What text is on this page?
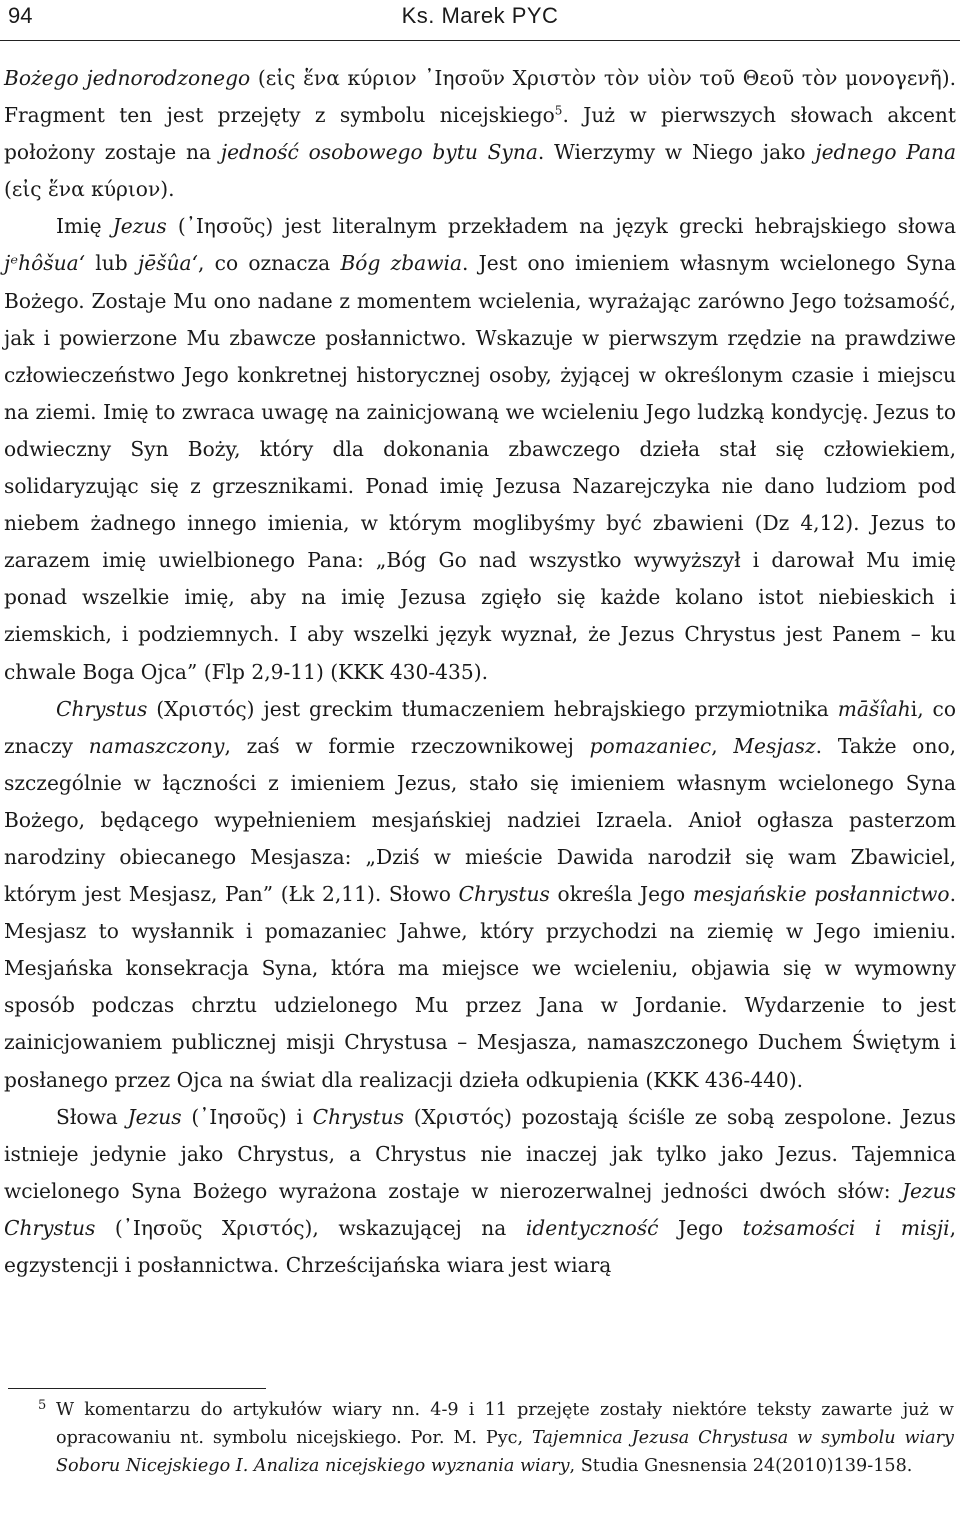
94	Ks. Marek PYC

Bożego jednorodzonego (εἰς ἕνα κύριον ᾿Ιησοῦν Χριστὸν τὸν υἱὸν τοῦ Θεοῦ τὸν μονογενῆ). Fragment ten jest przejęty z symbolu nicejskiego$^5$. Już w pierwszych słowach akcent położony zostaje na jedność osobowego bytu Syna. Wierzymy w Niego jako jednego Pana (εἰς ἕνα κύριον).

Imię Jezus (᾿Ιησοῦς) jest literalnym przekładem na język grecki hebrajskiego słowa jᵉhôšua‘ lub jēšûa‘, co oznacza Bóg zbawia. Jest ono imieniem własnym wcielonego Syna Bożego. Zostaje Mu ono nadane z momentem wcielenia, wyrażając zarówno Jego tożsamość, jak i powierzone Mu zbawcze posłannictwo. Wskazuje w pierwszym rzędzie na prawdziwe człowieczeństwo Jego konkretnej historycznej osoby, żyjącej w określonym czasie i miejscu na ziemi. Imię to zwraca uwagę na zainicjowaną we wcieleniu Jego ludzką kondycję. Jezus to odwieczny Syn Boży, który dla dokonania zbawczego dzieła stał się człowiekiem, solidaryzując się z grzesznikami. Ponad imię Jezusa Nazarejczyka nie dano ludziom pod niebem żadnego innego imienia, w którym moglibyśmy być zbawieni (Dz 4,12). Jezus to zarazem imię uwielbionego Pana: „Bóg Go nad wszystko wywyższył i darował Mu imię ponad wszelkie imię, aby na imię Jezusa zgięło się każde kolano istot niebieskich i ziemskich, i podziemnych. I aby wszelki język wyznał, że Jezus Chrystus jest Panem – ku chwale Boga Ojca” (Flp 2,9-11) (KKK 430-435).

Chrystus (Χριστός) jest greckim tłumaczeniem hebrajskiego przymiotnika māšîahi, co znaczy namaszczony, zaś w formie rzeczownikowej pomazaniec, Mesjasz. Także ono, szczególnie w łączności z imieniem Jezus, stało się imieniem własnym wcielonego Syna Bożego, będącego wypełnieniem mesjańskiej nadziei Izraela. Anioł ogłasza pasterzom narodziny obiecanego Mesjasza: „Dziś w mieście Dawida narodził się wam Zbawiciel, którym jest Mesjasz, Pan” (Łk 2,11). Słowo Chrystus określa Jego mesjańskie posłannictwo. Mesjasz to wysłannik i pomazaniec Jahwe, który przychodzi na ziemię w Jego imieniu. Mesjańska konsekracja Syna, która ma miejsce we wcieleniu, objawia się w wymowny sposób podczas chrztu udzielonego Mu przez Jana w Jordanie. Wydarzenie to jest zainicjowaniem publicznej misji Chrystusa – Mesjasza, namaszczonego Duchem Świętym i posłanego przez Ojca na świat dla realizacji dzieła odkupienia (KKK 436-440).

Słowa Jezus (᾿Ιησοῦς) i Chrystus (Χριστός) pozostają ściśle ze sobą zespolone. Jezus istnieje jedynie jako Chrystus, a Chrystus nie inaczej jak tylko jako Jezus. Tajemnica wcielonego Syna Bożego wyrażona zostaje w nierozerwalnej jedności dwóch słów: Jezus Chrystus (᾿Ιησοῦς Χριστός), wskazującej na identyczność Jego tożsamości i misji, egzystencji i posłannictwa. Chrześcijańska wiara jest wiarą

5 W komentarzu do artykułów wiary nn. 4-9 i 11 przejęte zostały niektóre teksty zawarte już w opracowaniu nt. symbolu nicejskiego. Por. M. Pyc, Tajemnica Jezusa Chrystusa w symbolu wiary Soboru Nicejskiego I. Analiza nicejskiego wyznania wiary, Studia Gnesnensia 24(2010)139-158.
